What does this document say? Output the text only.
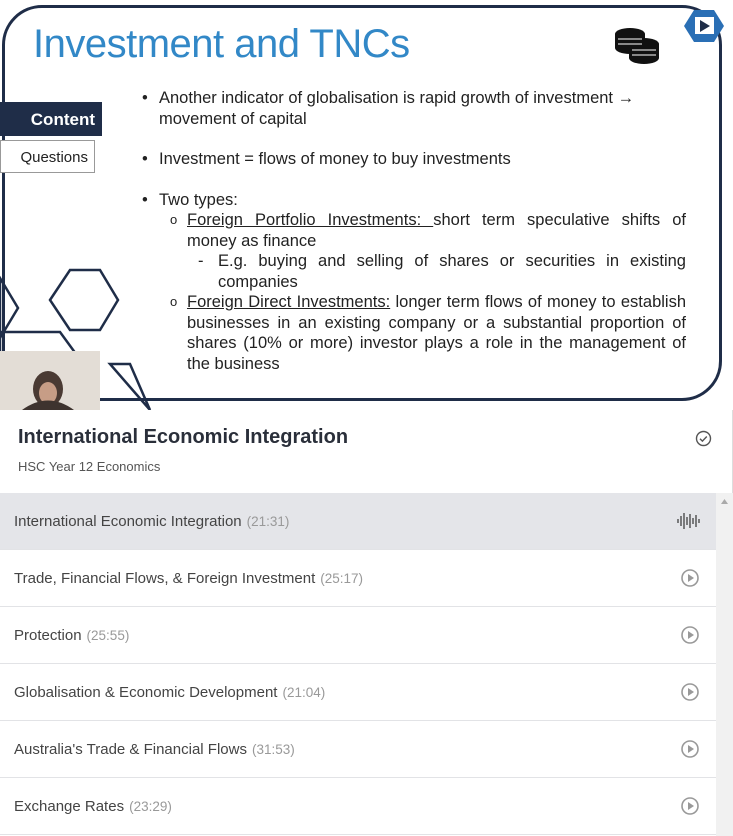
Investment and TNCs
Content
Questions
• Another indicator of globalisation is rapid growth of investment → movement of capital
• Investment = flows of money to buy investments
• Two types:
o Foreign Portfolio Investments: short term speculative shifts of money as finance
- E.g. buying and selling of shares or securities in existing companies
o Foreign Direct Investments: longer term flows of money to establish businesses in an existing company or a substantial proportion of shares (10% or more) investor plays a role in the management of the business
International Economic Integration
HSC Year 12 Economics
International Economic Integration (21:31)
Trade, Financial Flows, & Foreign Investment (25:17)
Protection (25:55)
Globalisation & Economic Development (21:04)
Australia's Trade & Financial Flows (31:53)
Exchange Rates (23:29)
